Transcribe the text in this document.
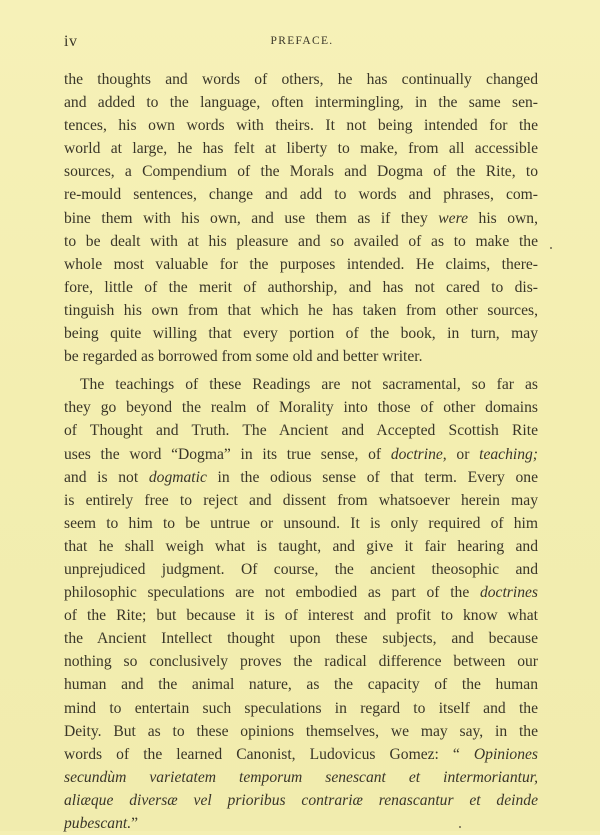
iv	PREFACE.
the thoughts and words of others, he has continually changed
and added to the language, often intermingling, in the same sen-
tences, his own words with theirs. It not being intended for the
world at large, he has felt at liberty to make, from all accessible
sources, a Compendium of the Morals and Dogma of the Rite, to
re-mould sentences, change and add to words and phrases, com-
bine them with his own, and use them as if they were his own,
to be dealt with at his pleasure and so availed of as to make the
whole most valuable for the purposes intended. He claims, there-
fore, little of the merit of authorship, and has not cared to dis-
tinguish his own from that which he has taken from other sources,
being quite willing that every portion of the book, in turn, may
be regarded as borrowed from some old and better writer.
The teachings of these Readings are not sacramental, so far as
they go beyond the realm of Morality into those of other domains
of Thought and Truth. The Ancient and Accepted Scottish Rite
uses the word “Dogma” in its true sense, of doctrine, or teaching;
and is not dogmatic in the odious sense of that term. Every one
is entirely free to reject and dissent from whatsoever herein may
seem to him to be untrue or unsound. It is only required of him
that he shall weigh what is taught, and give it fair hearing and
unprejudiced judgment. Of course, the ancient theosophic and
philosophic speculations are not embodied as part of the doctrines
of the Rite; but because it is of interest and profit to know what
the Ancient Intellect thought upon these subjects, and because
nothing so conclusively proves the radical difference between our
human and the animal nature, as the capacity of the human
mind to entertain such speculations in regard to itself and the
Deity. But as to these opinions themselves, we may say, in the
words of the learned Canonist, Ludovicus Gomez: “ Opiniones
secundùm varietatem temporum senescant et intermoriantur,
aliæque diversæ vel prioribus contrariæ renascantur et deinde
pubescant.”
